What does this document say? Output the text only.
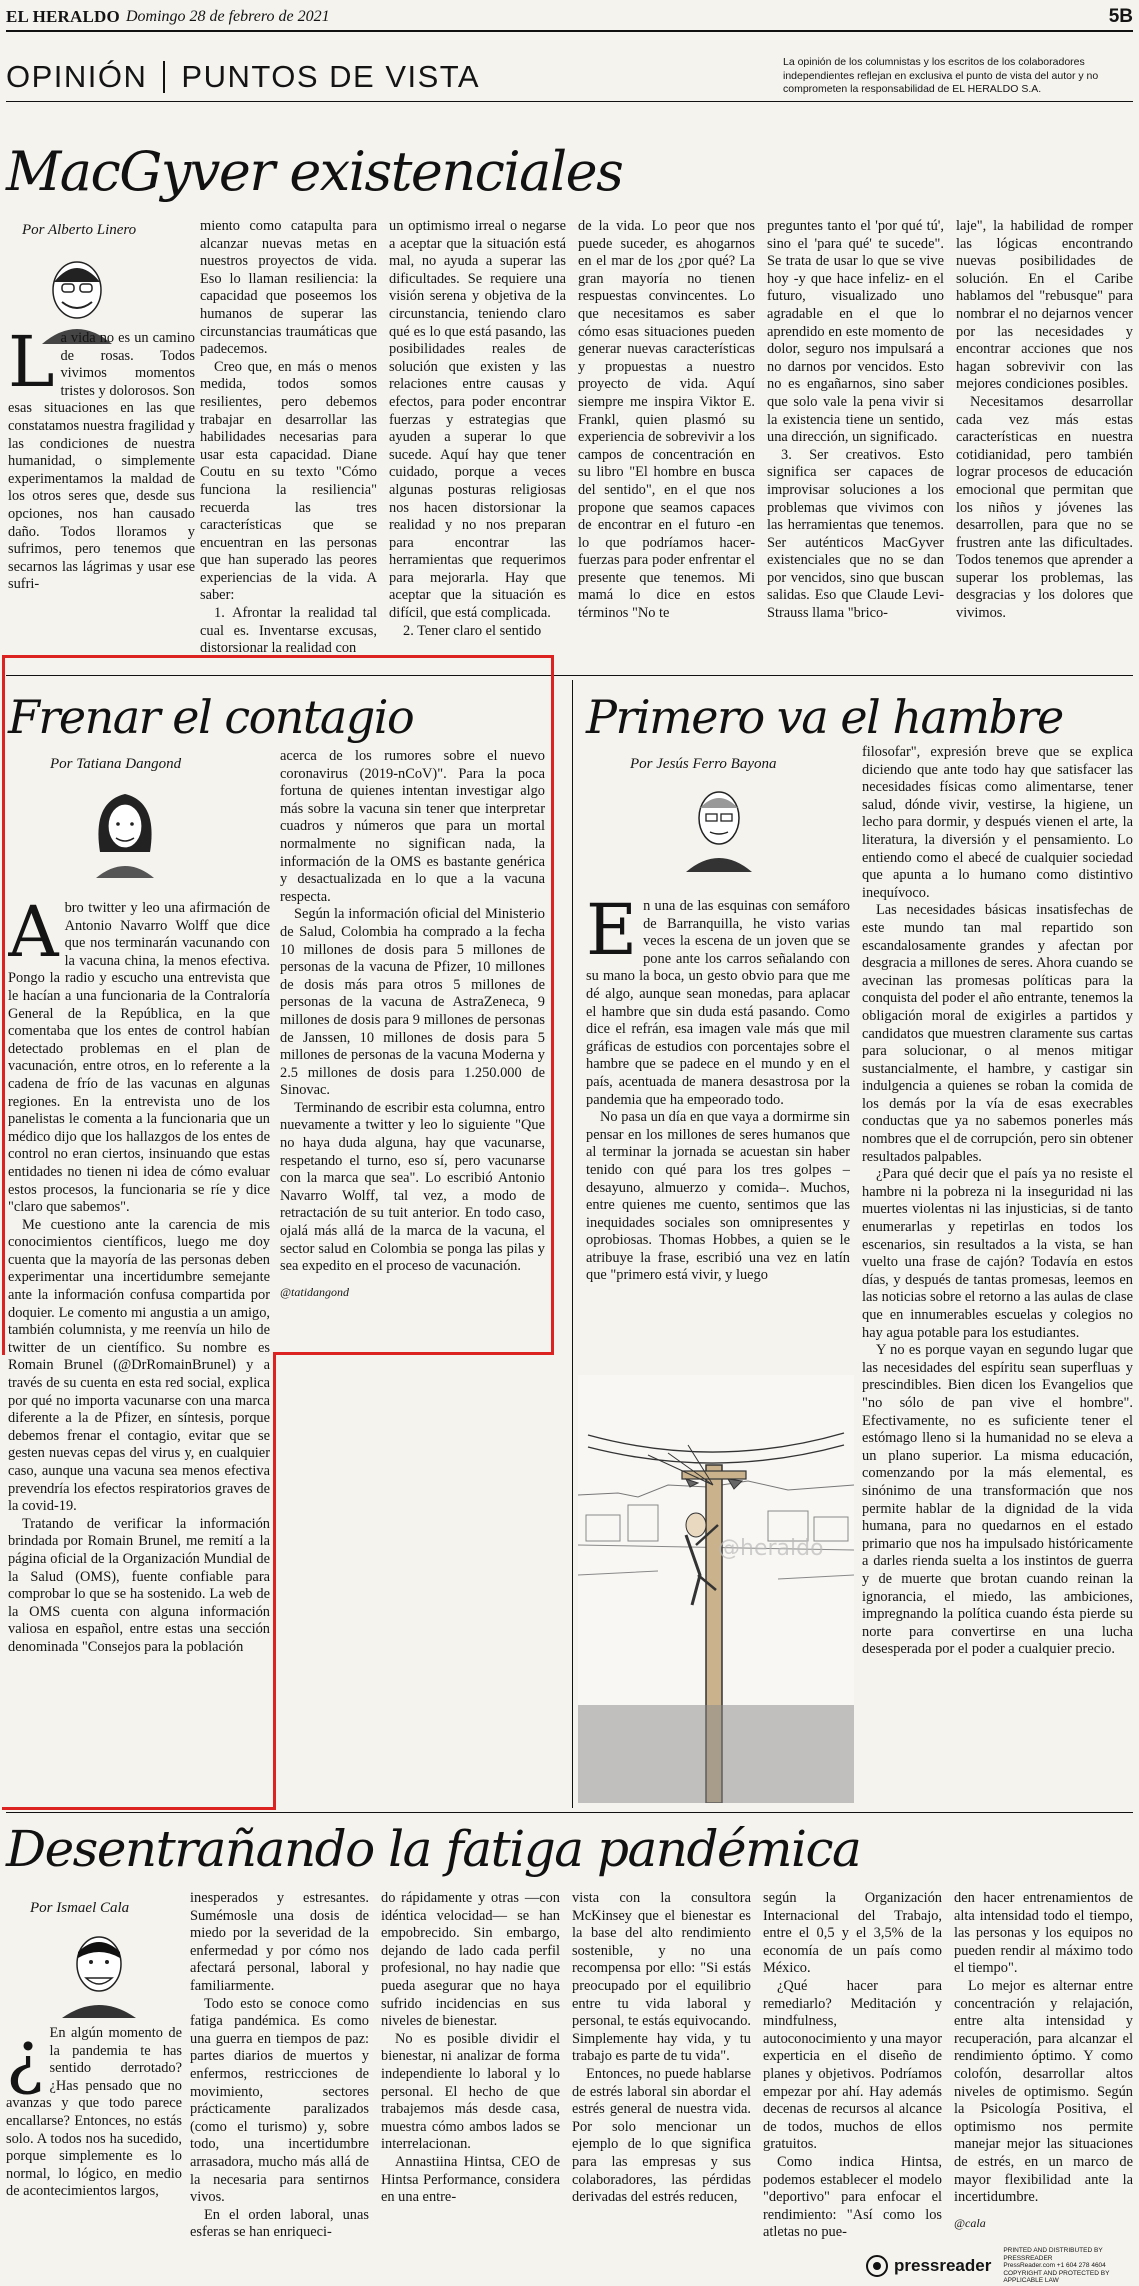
EL HERALDO Domingo 28 de febrero de 2021	5B
OPINIÓN PUNTOS DE VISTA	La opinión de los columnistas y los escritos de los colaboradores independientes reflejan en exclusiva el punto de vista del autor y no comprometen la responsabilidad de EL HERALDO S.A.
MacGyver existenciales
Por Alberto Linero
L a vida no es un camino de rosas. Todos vivimos momentos tristes y dolorosos. Son esas situaciones en las que constatamos nuestra fragilidad y las condiciones de nuestra humanidad, o simplemente experimentamos la maldad de los otros seres que, desde sus opciones, nos han causado daño. Todos lloramos y sufrimos, pero tenemos que secarnos las lágrimas y usar ese sufri-

miento como catapulta para alcanzar nuevas metas en nuestros proyectos de vida. Eso lo llaman resiliencia: la capacidad que poseemos los humanos de superar las circunstancias traumáticas que padecemos.

Creo que, en más o menos medida, todos somos resilientes, pero debemos trabajar en desarrollar las habilidades necesarias para usar esta capacidad. Diane Coutu en su texto "Cómo funciona la resiliencia" recuerda las tres características que se encuentran en las personas que han superado las peores experiencias de la vida. A saber:

1. Afrontar la realidad tal cual es. Inventarse excusas, distorsionar la realidad con

un optimismo irreal o negarse a aceptar que la situación está mal, no ayuda a superar las dificultades. Se requiere una visión serena y objetiva de la circunstancia, teniendo claro qué es lo que está pasando, las posibilidades reales de solución que existen y las relaciones entre causas y efectos, para poder encontrar fuerzas y estrategias que ayuden a superar lo que sucede. Aquí hay que tener cuidado, porque a veces algunas posturas religiosas nos hacen distorsionar la realidad y no nos preparan para encontrar las herramientas que requerimos para mejorarla. Hay que aceptar que la situación es difícil, que está complicada.

2. Tener claro el sentido

de la vida. Lo peor que nos puede suceder, es ahogarnos en el mar de los ¿por qué? La gran mayoría no tienen respuestas convincentes. Lo que necesitamos es saber cómo esas situaciones pueden generar nuevas características y propuestas a nuestro proyecto de vida. Aquí siempre me inspira Viktor E. Frankl, quien plasmó su experiencia de sobrevivir a los campos de concentración en su libro "El hombre en busca del sentido", en el que nos propone que seamos capaces de encontrar en el futuro -en lo que podríamos hacer- fuerzas para poder enfrentar el presente que tenemos. Mi mamá lo dice en estos términos "No te

preguntes tanto el 'por qué tú', sino el 'para qué' te sucede". Se trata de usar lo que se vive hoy -y que hace infeliz- en el futuro, visualizado uno agradable en el que lo aprendido en este momento de dolor, seguro nos impulsará a no darnos por vencidos. Esto no es engañarnos, sino saber que solo vale la pena vivir si la existencia tiene un sentido, una dirección, un significado.

3. Ser creativos. Esto significa ser capaces de improvisar soluciones a los problemas que vivimos con las herramientas que tenemos. Ser auténticos MacGyver existenciales que no se dan por vencidos, sino que buscan salidas. Eso que Claude Levi-Strauss llama "brico-

laje", la habilidad de romper las lógicas encontrando nuevas posibilidades de solución. En el Caribe hablamos del "rebusque" para nombrar el no dejarnos vencer por las necesidades y encontrar acciones que nos hagan sobrevivir con las mejores condiciones posibles.

Necesitamos desarrollar cada vez más estas características en nuestra cotidianidad, pero también lograr procesos de educación emocional que permitan que los niños y jóvenes las desarrollen, para que no se frustren ante las dificultades. Todos tenemos que aprender a superar los problemas, las desgracias y los dolores que vivimos.

Frenar el contagio
Por Tatiana Dangond
A bro twitter y leo una afirmación de Antonio Navarro Wolff que dice que nos terminarán vacunando con la vacuna china, la menos efectiva. Pongo la radio y escucho una entrevista que le hacían a una funcionaria de la Contraloría General de la República, en la que comentaba que los entes de control habían detectado problemas en el plan de vacunación, entre otros, en lo referente a la cadena de frío de las vacunas en algunas regiones. En la entrevista uno de los panelistas le comenta a la funcionaria que un médico dijo que los hallazgos de los entes de control no eran ciertos, insinuando que estas entidades no tienen ni idea de cómo evaluar estos procesos, la funcionaria se ríe y dice "claro que sabemos".

Me cuestiono ante la carencia de mis conocimientos científicos, luego me doy cuenta que la mayoría de las personas deben experimentar una incertidumbre semejante ante la información confusa compartida por doquier. Le comento mi angustia a un amigo, también columnista, y me reenvía un hilo de twitter de un científico. Su nombre es Romain Brunel (@DrRomainBrunel) y a través de su cuenta en esta red social, explica por qué no importa vacunarse con una marca diferente a la de Pfizer, en síntesis, porque debemos frenar el contagio, evitar que se gesten nuevas cepas del virus y, en cualquier caso, aunque una vacuna sea menos efectiva prevendría los efectos respiratorios graves de la covid-19.

Tratando de verificar la información brindada por Romain Brunel, me remití a la página oficial de la Organización Mundial de la Salud (OMS), fuente confiable para comprobar lo que se ha sostenido. La web de la OMS cuenta con alguna información valiosa en español, entre estas una sección denominada "Consejos para la población

acerca de los rumores sobre el nuevo coronavirus (2019-nCoV)". Para la poca fortuna de quienes intentan investigar algo más sobre la vacuna sin tener que interpretar cuadros y números que para un mortal normalmente no significan nada, la información de la OMS es bastante genérica y desactualizada en lo que a la vacuna respecta.

Según la información oficial del Ministerio de Salud, Colombia ha comprado a la fecha 10 millones de dosis para 5 millones de personas de la vacuna de Pfizer, 10 millones de dosis más para otros 5 millones de personas de la vacuna de AstraZeneca, 9 millones de dosis para 9 millones de personas de Janssen, 10 millones de dosis para 5 millones de personas de la vacuna Moderna y 2.5 millones de dosis para 1.250.000 de Sinovac.

Terminando de escribir esta columna, entro nuevamente a twitter y leo lo siguiente "Que no haya duda alguna, hay que vacunarse, respetando el turno, eso sí, pero vacunarse con la marca que sea". Lo escribió Antonio Navarro Wolff, tal vez, a modo de retractación de su tuit anterior. En todo caso, ojalá más allá de la marca de la vacuna, el sector salud en Colombia se ponga las pilas y sea expedito en el proceso de vacunación.

@tatidangond
Primero va el hambre
Por Jesús Ferro Bayona
E n una de las esquinas con semáforo de Barranquilla, he visto varias veces la escena de un joven que se pone ante los carros señalando con su mano la boca, un gesto obvio para que me dé algo, aunque sean monedas, para aplacar el hambre que sin duda está pasando. Como dice el refrán, esa imagen vale más que mil gráficas de estudios con porcentajes sobre el hambre que se padece en el mundo y en el país, acentuada de manera desastrosa por la pandemia que ha empeorado todo.

No pasa un día en que vaya a dormirme sin pensar en los millones de seres humanos que al terminar la jornada se acuestan sin haber tenido con qué para los tres golpes –desayuno, almuerzo y comida–. Muchos, entre quienes me cuento, sentimos que las inequidades sociales son omnipresentes y oprobiosas. Thomas Hobbes, a quien se le atribuye la frase, escribió una vez en latín que "primero está vivir, y luego

filosofar", expresión breve que se explica diciendo que ante todo hay que satisfacer las necesidades físicas como alimentarse, tener salud, dónde vivir, vestirse, la higiene, un lecho para dormir, y después vienen el arte, la literatura, la diversión y el pensamiento. Lo entiendo como el abecé de cualquier sociedad que apunta a lo humano como distintivo inequívoco.

Las necesidades básicas insatisfechas de este mundo tan mal repartido son escandalosamente grandes y afectan por desgracia a millones de seres. Ahora cuando se avecinan las promesas políticas para la conquista del poder el año entrante, tenemos la obligación moral de exigirles a partidos y candidatos que muestren claramente sus cartas para solucionar, o al menos mitigar sustancialmente, el hambre, y castigar sin indulgencia a quienes se roban la comida de los demás por la vía de esas execrables conductas que ya no sabemos ponerles más nombres que el de corrupción, pero sin obtener resultados palpables.

¿Para qué decir que el país ya no resiste el hambre ni la pobreza ni la inseguridad ni las muertes violentas ni las injusticias, si de tanto enumerarlas y repetirlas en todos los escenarios, sin resultados a la vista, se han vuelto una frase de cajón? Todavía en estos días, y después de tantas promesas, leemos en las noticias sobre el retorno a las aulas de clase que en innumerables escuelas y colegios no hay agua potable para los estudiantes.

Y no es porque vayan en segundo lugar que las necesidades del espíritu sean superfluas y prescindibles. Bien dicen los Evangelios que "no sólo de pan vive el hombre". Efectivamente, no es suficiente tener el estómago lleno si la humanidad no se eleva a un plano superior. La misma educación, comenzando por la más elemental, es sinónimo de una transformación que nos permite hablar de la dignidad de la vida humana, para no quedarnos en el estado primario que nos ha impulsado históricamente a darles rienda suelta a los instintos de guerra y de muerte que brotan cuando reinan la ignorancia, el miedo, las ambiciones, impregnando la política cuando ésta pierde su norte para convertirse en una lucha desesperada por el poder a cualquier precio.

@heraldo
Desentrañando la fatiga pandémica
Por Ismael Cala
¿ En algún momento de la pandemia te has sentido derrotado? ¿Has pensado que no avanzas y que todo parece encallarse? Entonces, no estás solo. A todos nos ha sucedido, porque simplemente es lo normal, lo lógico, en medio de acontecimientos largos,

inesperados y estresantes. Sumémosle una dosis de miedo por la severidad de la enfermedad y por cómo nos afectará personal, laboral y familiarmente.

Todo esto se conoce como fatiga pandémica. Es como una guerra en tiempos de paz: partes diarios de muertos y enfermos, restricciones de movimiento, sectores prácticamente paralizados (como el turismo) y, sobre todo, una incertidumbre arrasadora, mucho más allá de la necesaria para sentirnos vivos.

En el orden laboral, unas esferas se han enriqueci-

do rápidamente y otras —con idéntica velocidad— se han empobrecido. Sin embargo, dejando de lado cada perfil profesional, no hay nadie que pueda asegurar que no haya sufrido incidencias en sus niveles de bienestar.

No es posible dividir el bienestar, ni analizar de forma independiente lo laboral y lo personal. El hecho de que trabajemos más desde casa, muestra cómo ambos lados se interrelacionan.

Annastiina Hintsa, CEO de Hintsa Performance, considera en una entre-

vista con la consultora McKinsey que el bienestar es la base del alto rendimiento sostenible, y no una recompensa por ello: "Si estás preocupado por el equilibrio entre tu vida laboral y personal, te estás equivocando. Simplemente hay vida, y tu trabajo es parte de tu vida".

Entonces, no puede hablarse de estrés laboral sin abordar el estrés general de nuestra vida. Por solo mencionar un ejemplo de lo que significa para las empresas y sus colaboradores, las pérdidas derivadas del estrés reducen,

según la Organización Internacional del Trabajo, entre el 0,5 y el 3,5% de la economía de un país como México.

¿Qué hacer para remediarlo? Meditación y mindfulness, autoconocimiento y una mayor experticia en el diseño de planes y objetivos. Podríamos empezar por ahí. Hay además decenas de recursos al alcance de todos, muchos de ellos gratuitos.

Como indica Hintsa, podemos establecer el modelo "deportivo" para enfocar el rendimiento: "Así como los atletas no pue-

den hacer entrenamientos de alta intensidad todo el tiempo, las personas y los equipos no pueden rendir al máximo todo el tiempo".

Lo mejor es alternar entre concentración y relajación, entre alta intensidad y recuperación, para alcanzar el rendimiento óptimo. Y como colofón, desarrollar altos niveles de optimismo. Según la Psicología Positiva, el optimismo nos permite manejar mejor las situaciones de estrés, en un marco de mayor flexibilidad ante la incertidumbre.

@cala
pressreader
PRINTED AND DISTRIBUTED BY PRESSREADER
PressReader.com +1 604 278 4604
COPYRIGHT AND PROTECTED BY APPLICABLE LAW
